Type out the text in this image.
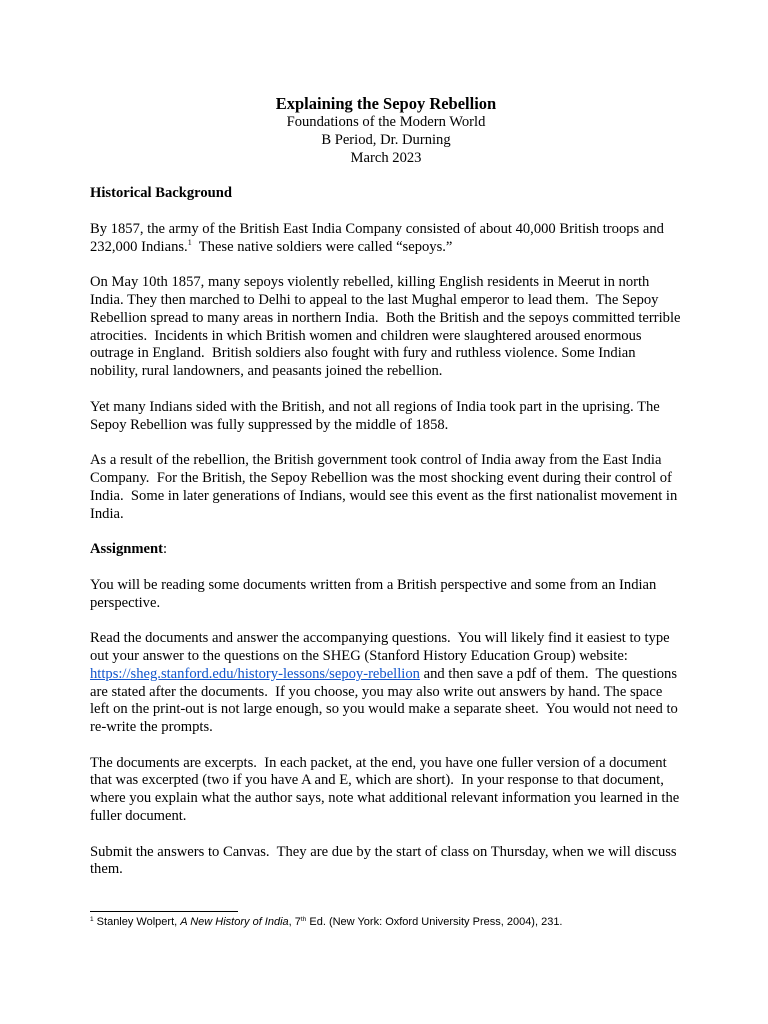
Explaining the Sepoy Rebellion
Foundations of the Modern World
B Period, Dr. Durning
March 2023

Historical Background

By 1857, the army of the British East India Company consisted of about 40,000 British troops and 232,000 Indians.$^1$  These native soldiers were called “sepoys.”

On May 10th 1857, many sepoys violently rebelled, killing English residents in Meerut in north India. They then marched to Delhi to appeal to the last Mughal emperor to lead them.  The Sepoy Rebellion spread to many areas in northern India.  Both the British and the sepoys committed terrible atrocities.  Incidents in which British women and children were slaughtered aroused enormous outrage in England.  British soldiers also fought with fury and ruthless violence. Some Indian nobility, rural landowners, and peasants joined the rebellion.

Yet many Indians sided with the British, and not all regions of India took part in the uprising. The Sepoy Rebellion was fully suppressed by the middle of 1858.

As a result of the rebellion, the British government took control of India away from the East India Company.  For the British, the Sepoy Rebellion was the most shocking event during their control of India.  Some in later generations of Indians, would see this event as the first nationalist movement in India.

Assignment:

You will be reading some documents written from a British perspective and some from an Indian perspective.

Read the documents and answer the accompanying questions.  You will likely find it easiest to type out your answer to the questions on the SHEG (Stanford History Education Group) website: https://sheg.stanford.edu/history-lessons/sepoy-rebellion and then save a pdf of them.  The questions are stated after the documents.  If you choose, you may also write out answers by hand. The space left on the print-out is not large enough, so you would make a separate sheet.  You would not need to re-write the prompts.

The documents are excerpts.  In each packet, at the end, you have one fuller version of a document that was excerpted (two if you have A and E, which are short).  In your response to that document, where you explain what the author says, note what additional relevant information you learned in the fuller document.

Submit the answers to Canvas.  They are due by the start of class on Thursday, when we will discuss them.

$^1$ Stanley Wolpert, A New History of India, 7th Ed. (New York: Oxford University Press, 2004), 231.
